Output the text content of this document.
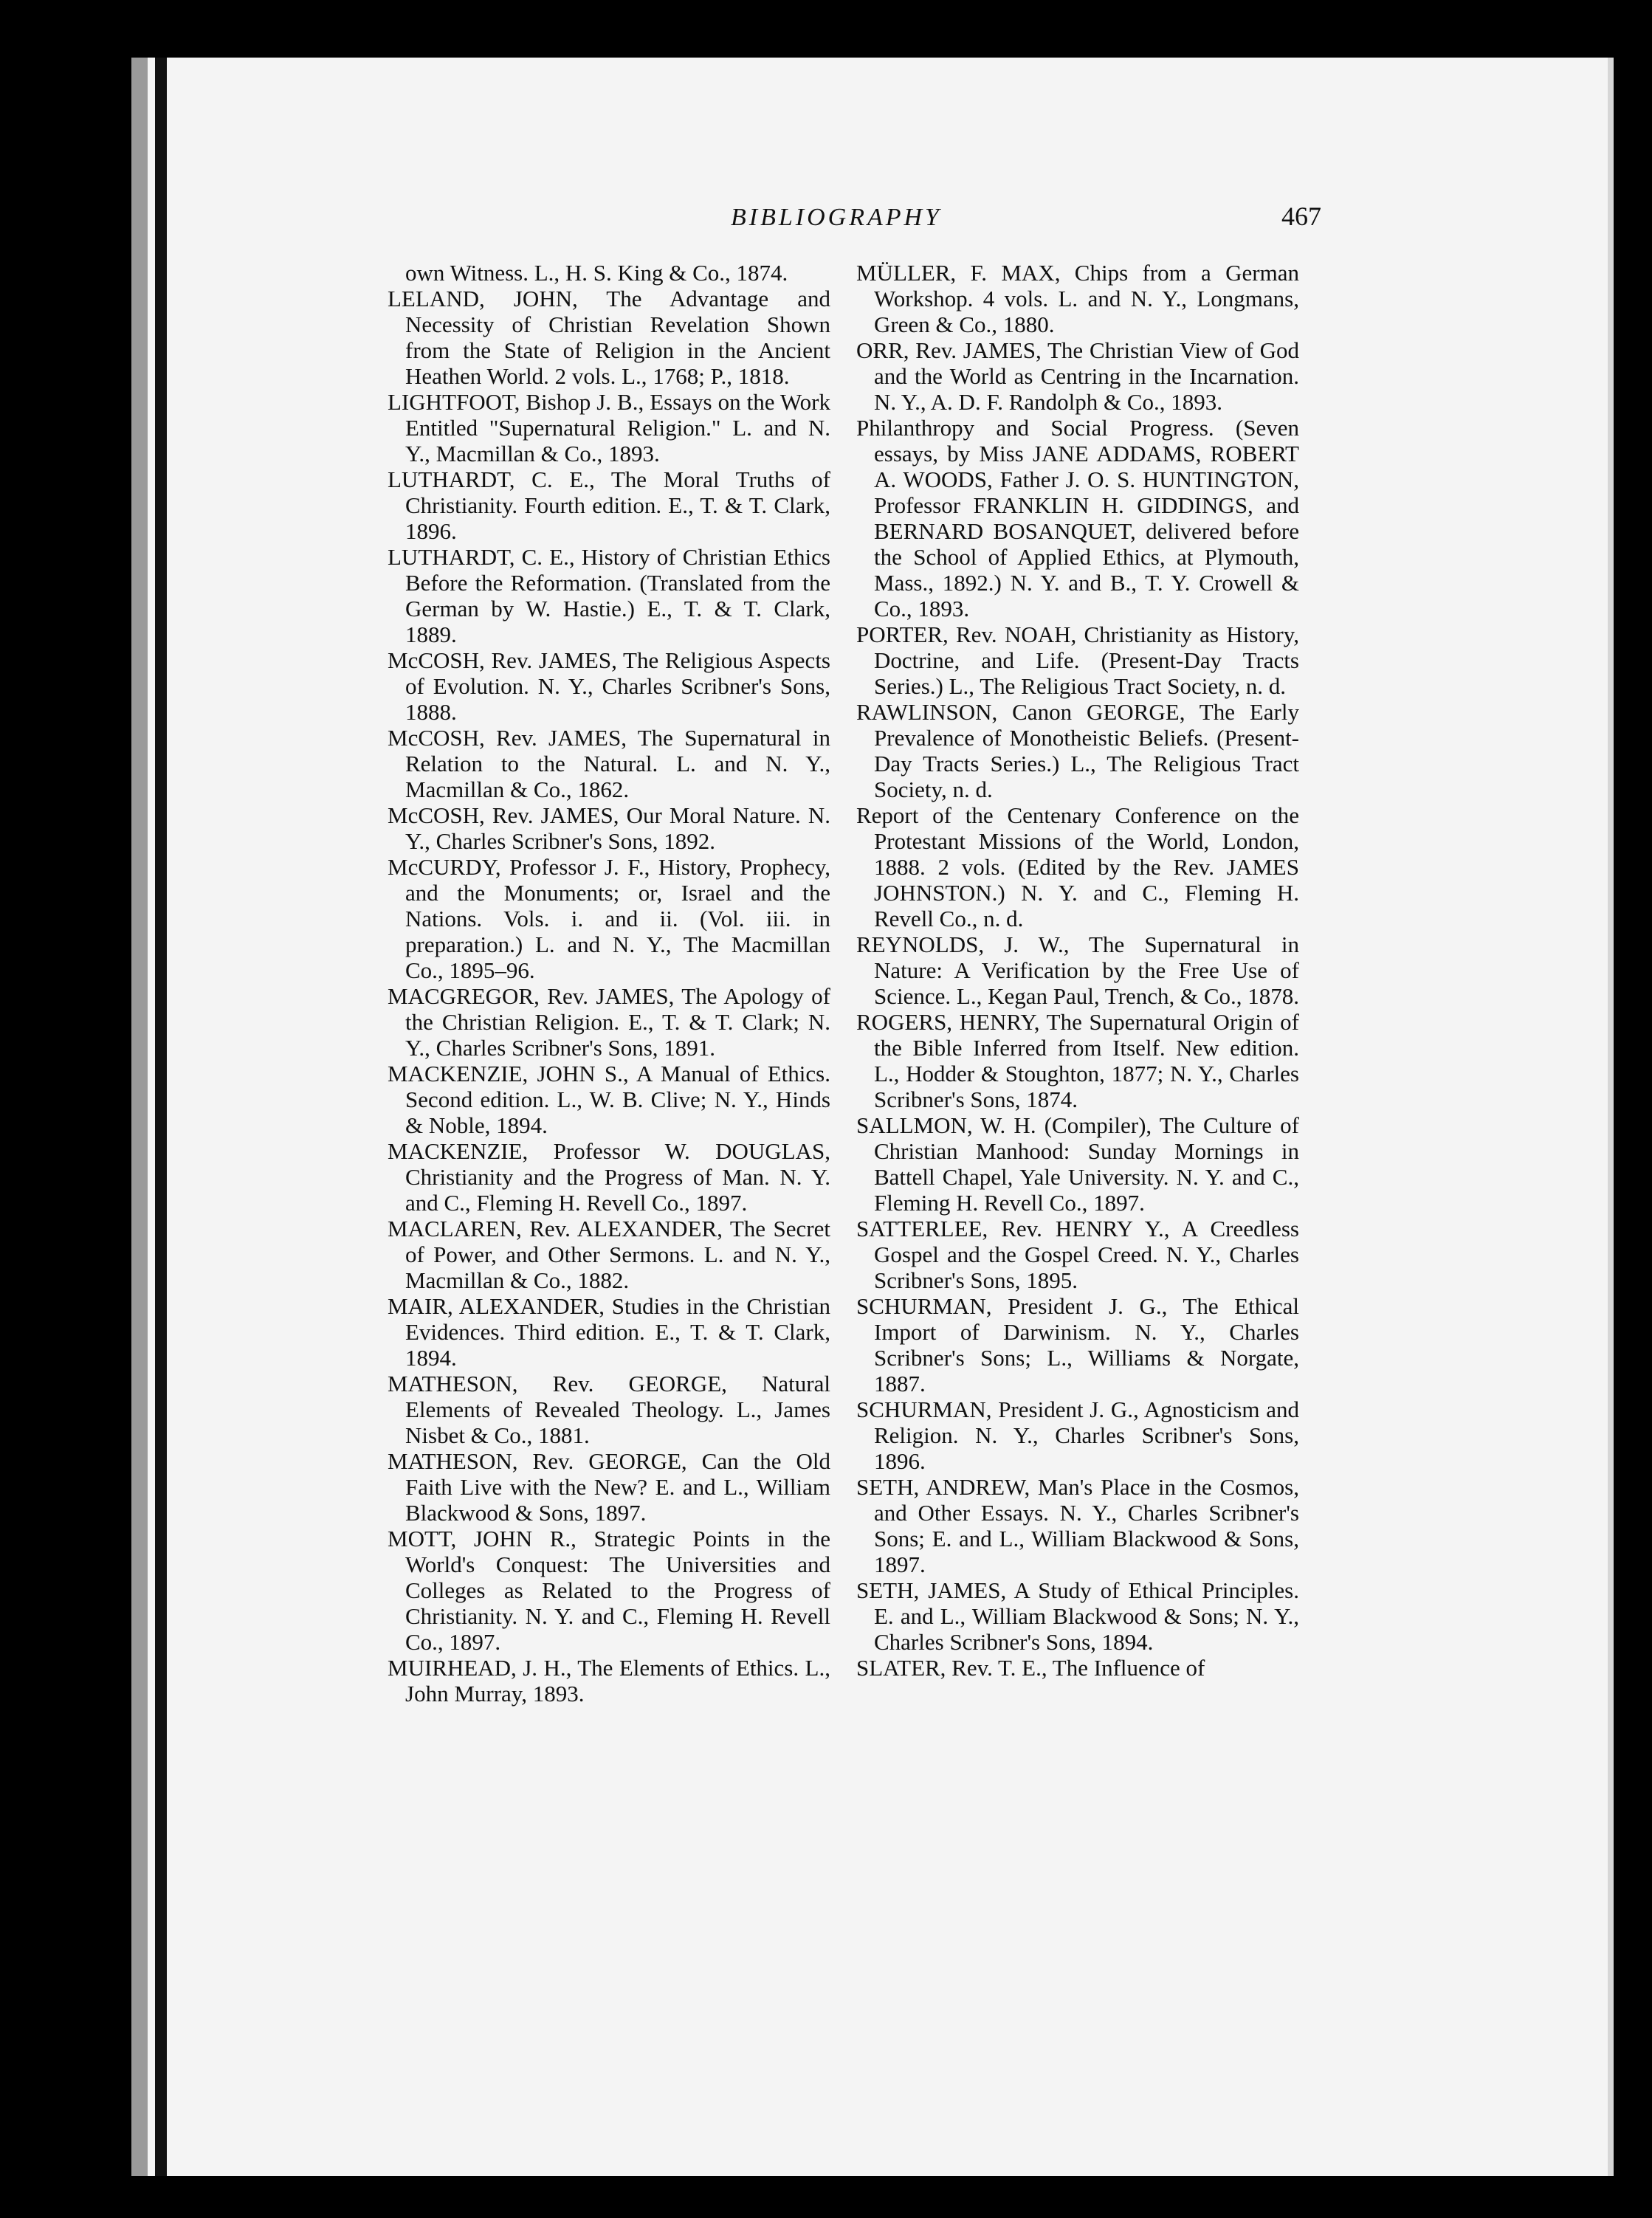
BIBLIOGRAPHY	467

own Witness. L., H. S. King & Co., 1874.

LELAND, JOHN, The Advantage and Necessity of Christian Revelation Shown from the State of Religion in the Ancient Heathen World. 2 vols. L., 1768; P., 1818.

LIGHTFOOT, Bishop J. B., Essays on the Work Entitled "Supernatural Religion." L. and N. Y., Macmillan & Co., 1893.

LUTHARDT, C. E., The Moral Truths of Christianity. Fourth edition. E., T. & T. Clark, 1896.

LUTHARDT, C. E., History of Christian Ethics Before the Reformation. (Translated from the German by W. Hastie.) E., T. & T. Clark, 1889.

McCOSH, Rev. JAMES, The Religious Aspects of Evolution. N. Y., Charles Scribner's Sons, 1888.

McCOSH, Rev. JAMES, The Supernatural in Relation to the Natural. L. and N. Y., Macmillan & Co., 1862.

McCOSH, Rev. JAMES, Our Moral Nature. N. Y., Charles Scribner's Sons, 1892.

McCURDY, Professor J. F., History, Prophecy, and the Monuments; or, Israel and the Nations. Vols. i. and ii. (Vol. iii. in preparation.) L. and N. Y., The Macmillan Co., 1895–96.

MACGREGOR, Rev. JAMES, The Apology of the Christian Religion. E., T. & T. Clark; N. Y., Charles Scribner's Sons, 1891.

MACKENZIE, JOHN S., A Manual of Ethics. Second edition. L., W. B. Clive; N. Y., Hinds & Noble, 1894.

MACKENZIE, Professor W. DOUGLAS, Christianity and the Progress of Man. N. Y. and C., Fleming H. Revell Co., 1897.

MACLAREN, Rev. ALEXANDER, The Secret of Power, and Other Sermons. L. and N. Y., Macmillan & Co., 1882.

MAIR, ALEXANDER, Studies in the Christian Evidences. Third edition. E., T. & T. Clark, 1894.

MATHESON, Rev. GEORGE, Natural Elements of Revealed Theology. L., James Nisbet & Co., 1881.

MATHESON, Rev. GEORGE, Can the Old Faith Live with the New? E. and L., William Blackwood & Sons, 1897.

MOTT, JOHN R., Strategic Points in the World's Conquest: The Universities and Colleges as Related to the Progress of Christianity. N. Y. and C., Fleming H. Revell Co., 1897.

MUIRHEAD, J. H., The Elements of Ethics. L., John Murray, 1893.

MÜLLER, F. MAX, Chips from a German Workshop. 4 vols. L. and N. Y., Longmans, Green & Co., 1880.

ORR, Rev. JAMES, The Christian View of God and the World as Centring in the Incarnation. N. Y., A. D. F. Randolph & Co., 1893.

Philanthropy and Social Progress. (Seven essays, by Miss JANE ADDAMS, ROBERT A. WOODS, Father J. O. S. HUNTINGTON, Professor FRANKLIN H. GIDDINGS, and BERNARD BOSANQUET, delivered before the School of Applied Ethics, at Plymouth, Mass., 1892.) N. Y. and B., T. Y. Crowell & Co., 1893.

PORTER, Rev. NOAH, Christianity as History, Doctrine, and Life. (Present-Day Tracts Series.) L., The Religious Tract Society, n. d.

RAWLINSON, Canon GEORGE, The Early Prevalence of Monotheistic Beliefs. (Present-Day Tracts Series.) L., The Religious Tract Society, n. d.

Report of the Centenary Conference on the Protestant Missions of the World, London, 1888. 2 vols. (Edited by the Rev. JAMES JOHNSTON.) N. Y. and C., Fleming H. Revell Co., n. d.

REYNOLDS, J. W., The Supernatural in Nature: A Verification by the Free Use of Science. L., Kegan Paul, Trench, & Co., 1878.

ROGERS, HENRY, The Supernatural Origin of the Bible Inferred from Itself. New edition. L., Hodder & Stoughton, 1877; N. Y., Charles Scribner's Sons, 1874.

SALLMON, W. H. (Compiler), The Culture of Christian Manhood: Sunday Mornings in Battell Chapel, Yale University. N. Y. and C., Fleming H. Revell Co., 1897.

SATTERLEE, Rev. HENRY Y., A Creedless Gospel and the Gospel Creed. N. Y., Charles Scribner's Sons, 1895.

SCHURMAN, President J. G., The Ethical Import of Darwinism. N. Y., Charles Scribner's Sons; L., Williams & Norgate, 1887.

SCHURMAN, President J. G., Agnosticism and Religion. N. Y., Charles Scribner's Sons, 1896.

SETH, ANDREW, Man's Place in the Cosmos, and Other Essays. N. Y., Charles Scribner's Sons; E. and L., William Blackwood & Sons, 1897.

SETH, JAMES, A Study of Ethical Principles. E. and L., William Blackwood & Sons; N. Y., Charles Scribner's Sons, 1894.

SLATER, Rev. T. E., The Influence of
